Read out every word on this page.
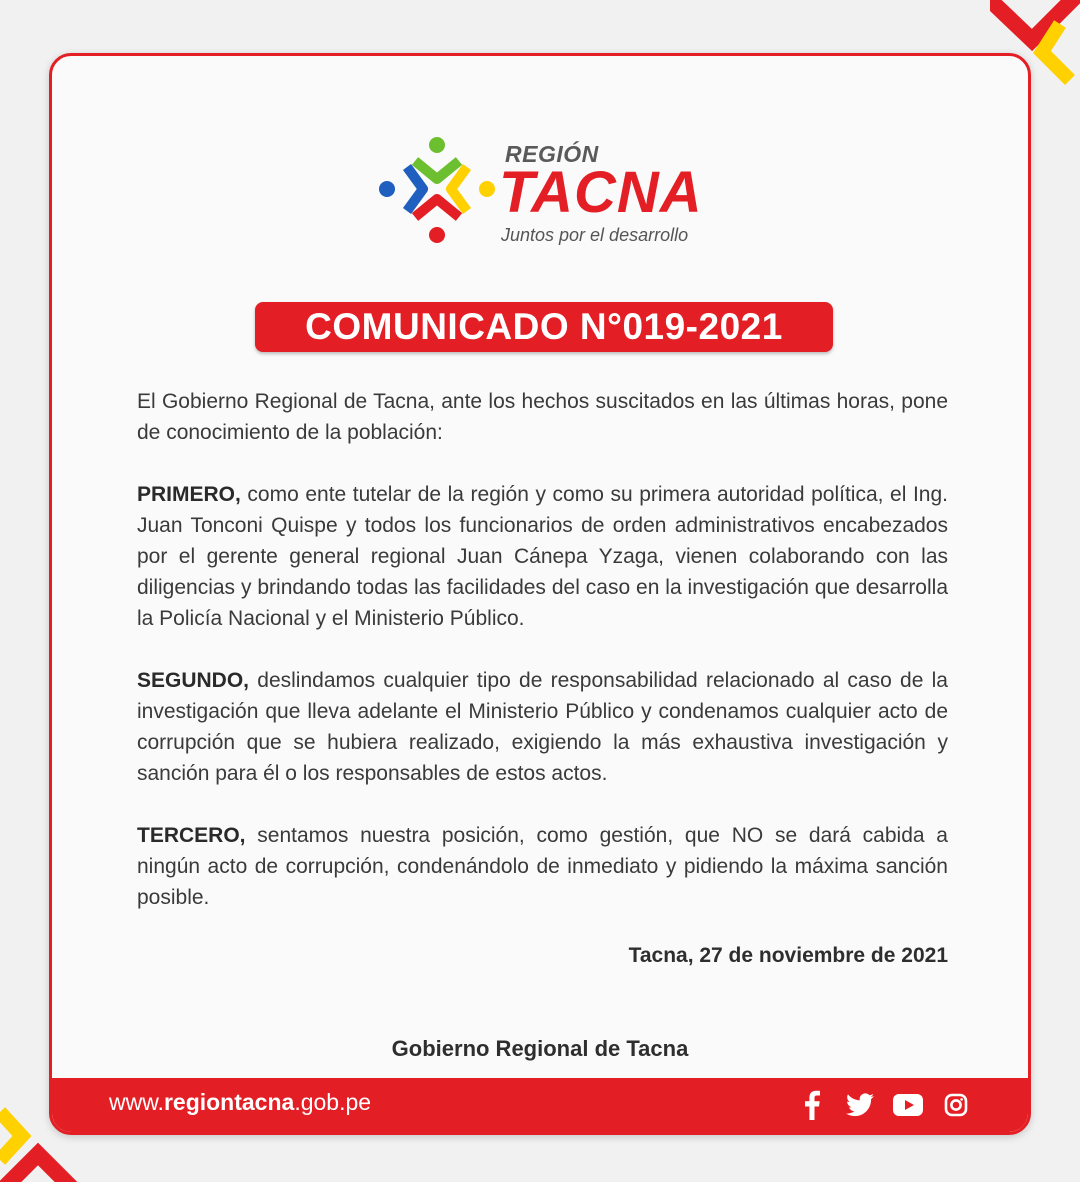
REGIÓN
TACNA
Juntos por el desarrollo
COMUNICADO N°019-2021

El Gobierno Regional de Tacna, ante los hechos suscitados en las últimas horas, pone de conocimiento de la población:

PRIMERO, como ente tutelar de la región y como su primera autoridad política, el Ing. Juan Tonconi Quispe y todos los funcionarios de orden administrativos encabezados por el gerente general regional Juan Cánepa Yzaga, vienen colaborando con las diligencias y brindando todas las facilidades del caso en la investigación que desarrolla la Policía Nacional y el Ministerio Público.

SEGUNDO, deslindamos cualquier tipo de responsabilidad relacionado al caso de la investigación que lleva adelante el Ministerio Público y condenamos cualquier acto de corrupción que se hubiera realizado, exigiendo la más exhaustiva investigación y sanción para él o los responsables de estos actos.

TERCERO, sentamos nuestra posición, como gestión, que NO se dará cabida a ningún acto de corrupción, condenándolo de inmediato y pidiendo la máxima sanción posible.

Tacna, 27 de noviembre de 2021
Gobierno Regional de Tacna
www.regiontacna.gob.pe
